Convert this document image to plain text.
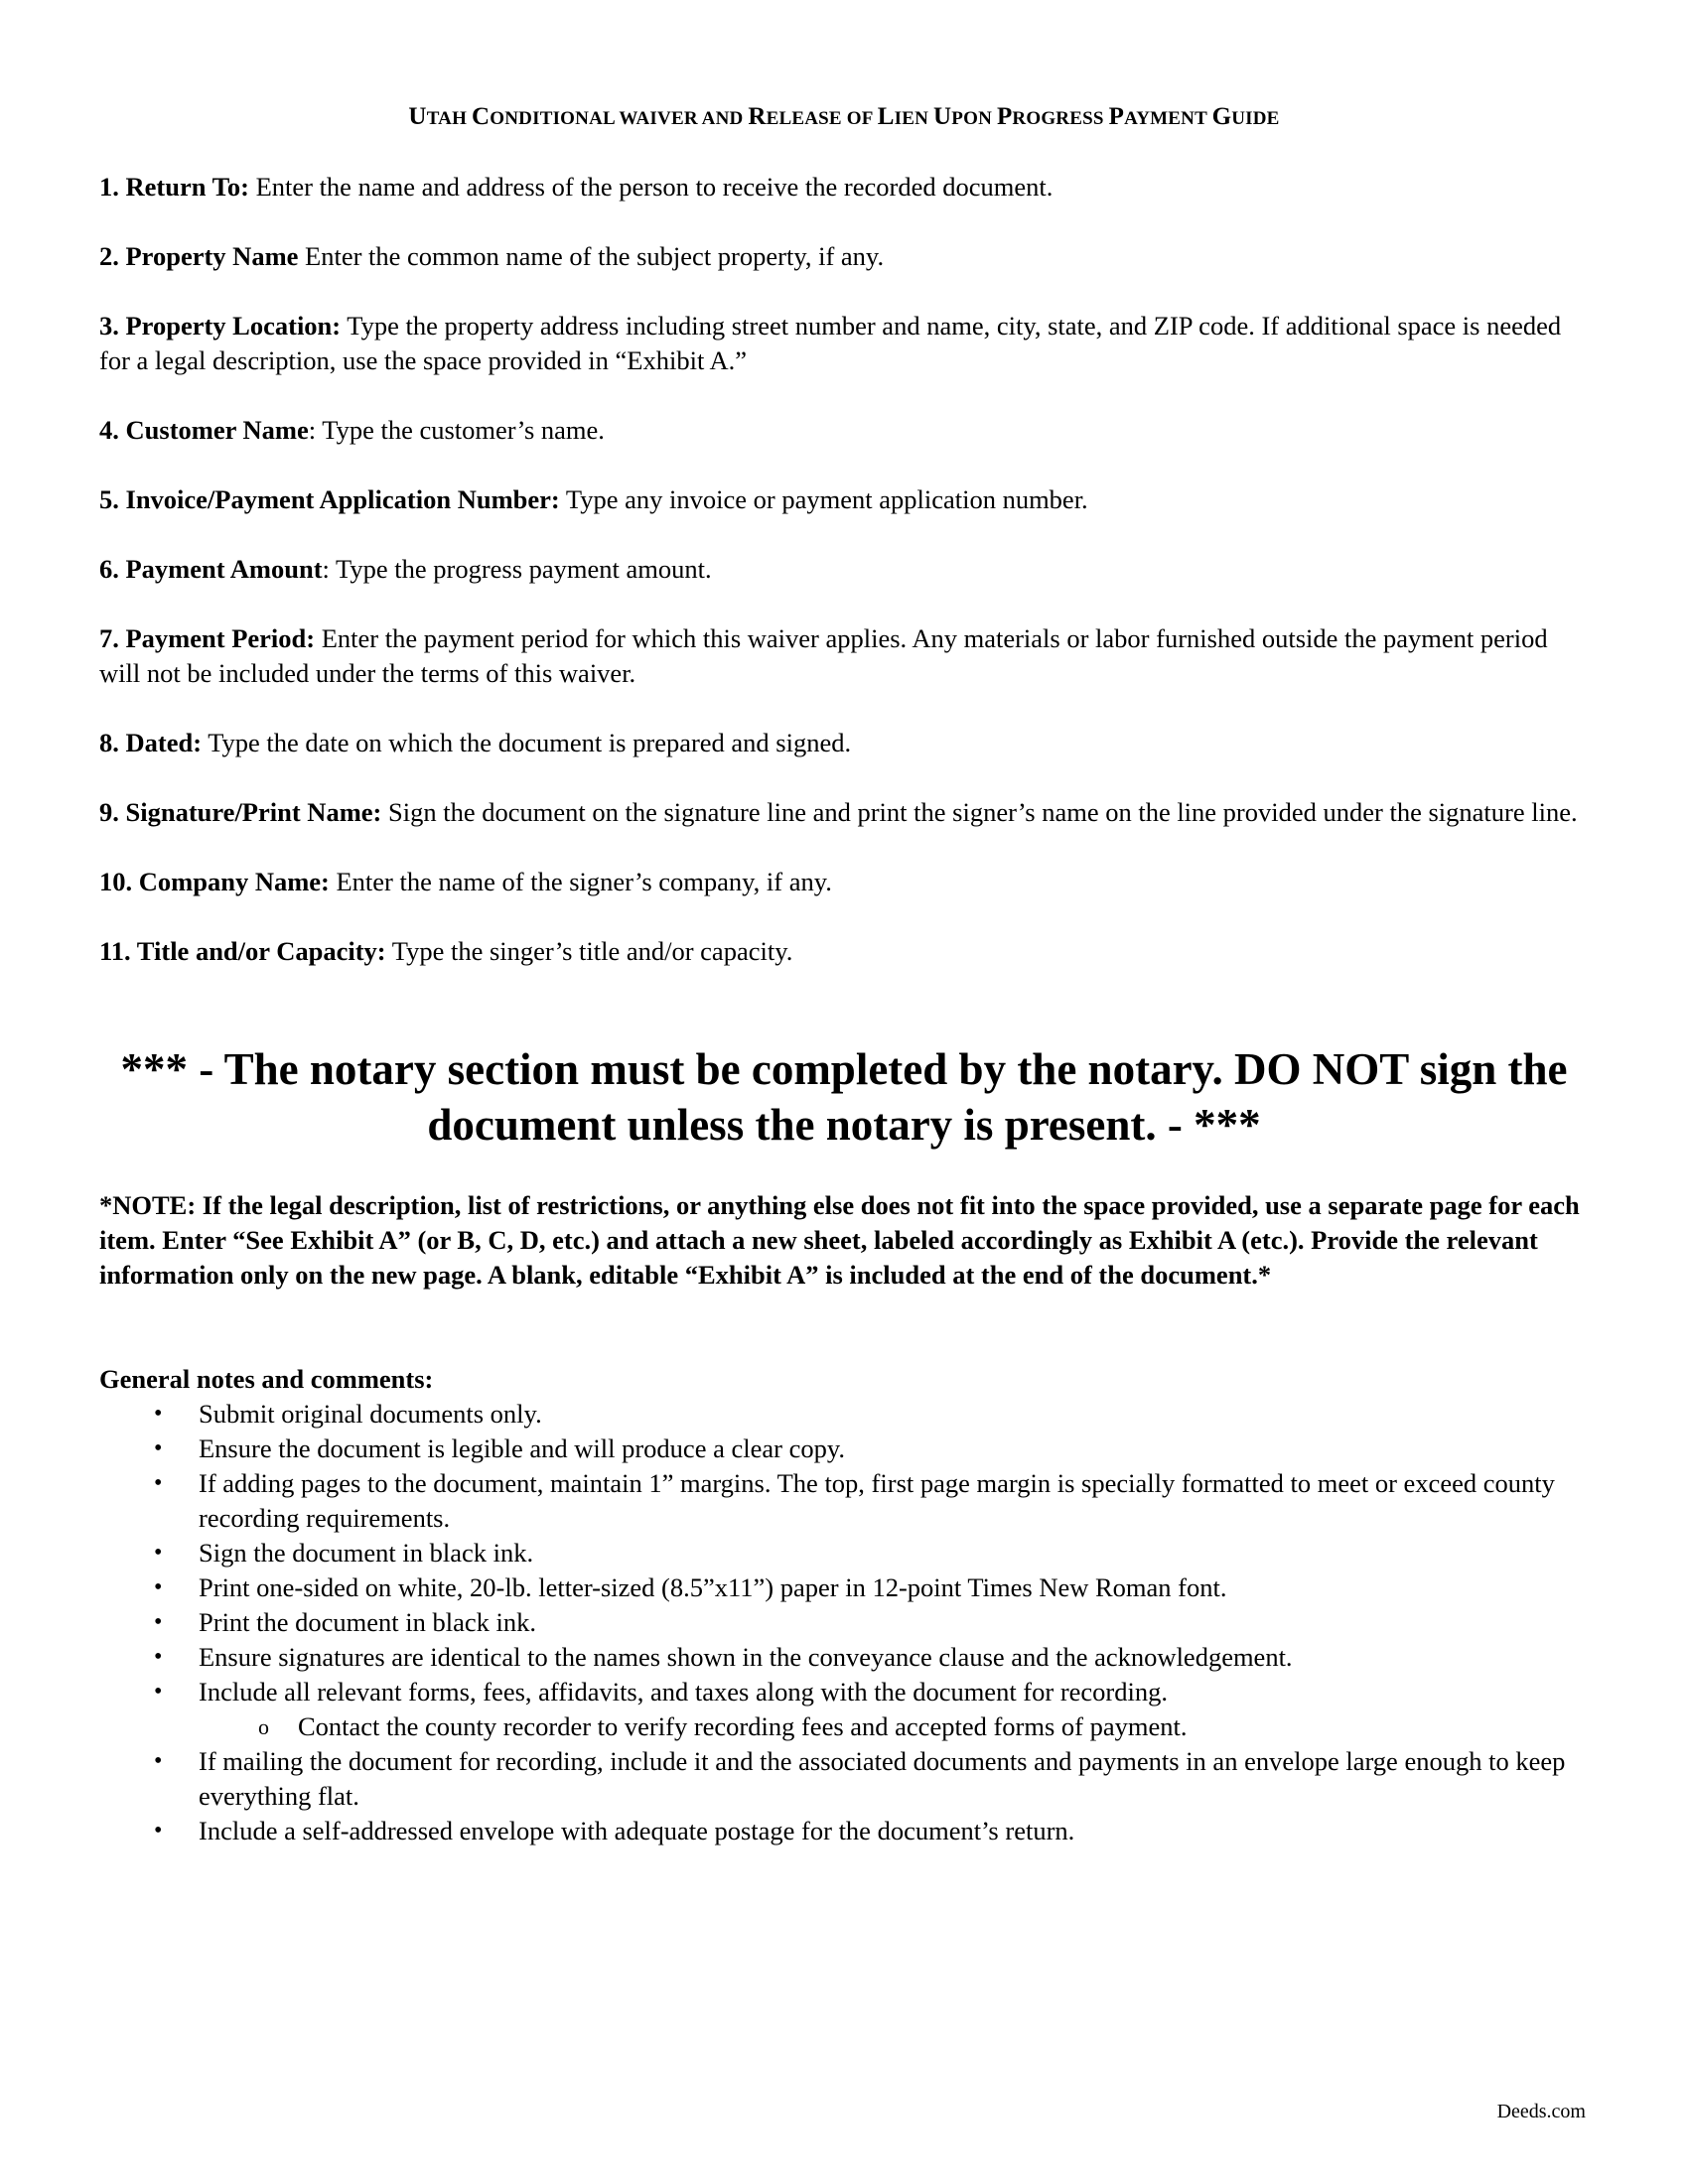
UTAH CONDITIONAL WAIVER AND RELEASE OF LIEN UPON PROGRESS PAYMENT GUIDE

1. Return To: Enter the name and address of the person to receive the recorded document.

2. Property Name Enter the common name of the subject property, if any.

3. Property Location: Type the property address including street number and name, city, state, and ZIP code. If additional space is needed for a legal description, use the space provided in “Exhibit A.”

4. Customer Name: Type the customer’s name.

5. Invoice/Payment Application Number: Type any invoice or payment application number.

6. Payment Amount: Type the progress payment amount.

7. Payment Period: Enter the payment period for which this waiver applies. Any materials or labor furnished outside the payment period will not be included under the terms of this waiver.

8. Dated: Type the date on which the document is prepared and signed.

9. Signature/Print Name: Sign the document on the signature line and print the signer’s name on the line provided under the signature line.

10. Company Name: Enter the name of the signer’s company, if any.

11. Title and/or Capacity: Type the singer’s title and/or capacity.

*** - The notary section must be completed by the notary. DO NOT sign the document unless the notary is present. - ***
*NOTE: If the legal description, list of restrictions, or anything else does not fit into the space provided, use a separate page for each item. Enter “See Exhibit A” (or B, C, D, etc.) and attach a new sheet, labeled accordingly as Exhibit A (etc.). Provide the relevant information only on the new page. A blank, editable “Exhibit A” is included at the end of the document.*
General notes and comments:
• Submit original documents only.
• Ensure the document is legible and will produce a clear copy.
• If adding pages to the document, maintain 1” margins. The top, first page margin is specially formatted to meet or exceed county recording requirements.
• Sign the document in black ink.
• Print one-sided on white, 20-lb. letter-sized (8.5”x11”) paper in 12-point Times New Roman font.
• Print the document in black ink.
• Ensure signatures are identical to the names shown in the conveyance clause and the acknowledgement.
• Include all relevant forms, fees, affidavits, and taxes along with the document for recording.
o Contact the county recorder to verify recording fees and accepted forms of payment.
• If mailing the document for recording, include it and the associated documents and payments in an envelope large enough to keep everything flat.
• Include a self-addressed envelope with adequate postage for the document’s return.
Deeds.com
